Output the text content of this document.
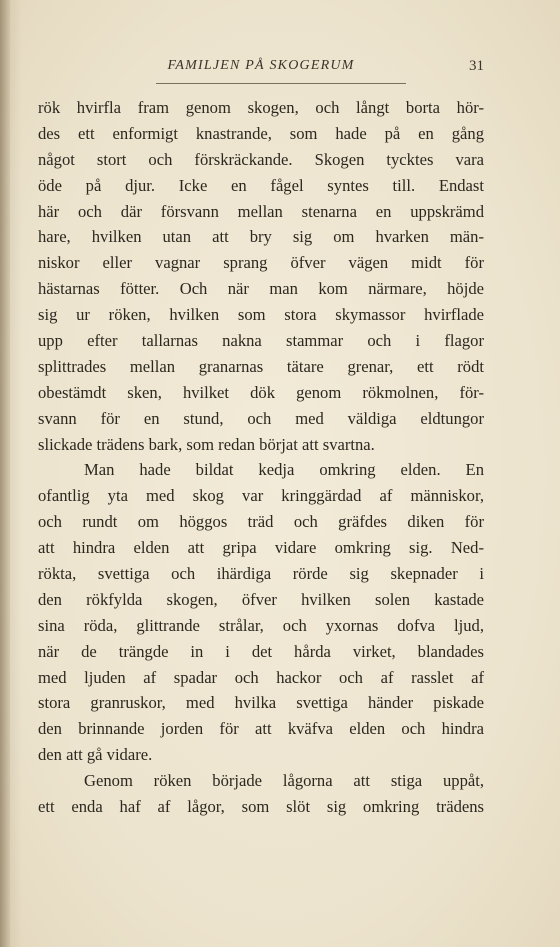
FAMILJEN PÅ SKOGERUM	31
rök hvirfla fram genom skogen, och långt borta hör-
des ett enformigt knastrande, som hade på en gång
något stort och förskräckande. Skogen tycktes vara
öde på djur. Icke en fågel syntes till. Endast
här och där försvann mellan stenarna en uppskrämd
hare, hvilken utan att bry sig om hvarken män-
niskor eller vagnar sprang öfver vägen midt för
hästarnas fötter. Och när man kom närmare, höjde
sig ur röken, hvilken som stora skymassor hvirflade
upp efter tallarnas nakna stammar och i flagor
splittrades mellan granarnas tätare grenar, ett rödt
obestämdt sken, hvilket dök genom rökmolnen, för-
svann för en stund, och med väldiga eldtungor
slickade trädens bark, som redan börjat att svartna.
Man hade bildat kedja omkring elden. En
ofantlig yta med skog var kringgärdad af människor,
och rundt om höggos träd och gräfdes diken för
att hindra elden att gripa vidare omkring sig. Ned-
rökta, svettiga och ihärdiga rörde sig skepnader i
den rökfylda skogen, öfver hvilken solen kastade
sina röda, glittrande strålar, och yxornas dofva ljud,
när de trängde in i det hårda virket, blandades
med ljuden af spadar och hackor och af rasslet af
stora granruskor, med hvilka svettiga händer piskade
den brinnande jorden för att kväfva elden och hindra
den att gå vidare.
Genom röken började lågorna att stiga uppåt,
ett enda haf af lågor, som slöt sig omkring trädens
